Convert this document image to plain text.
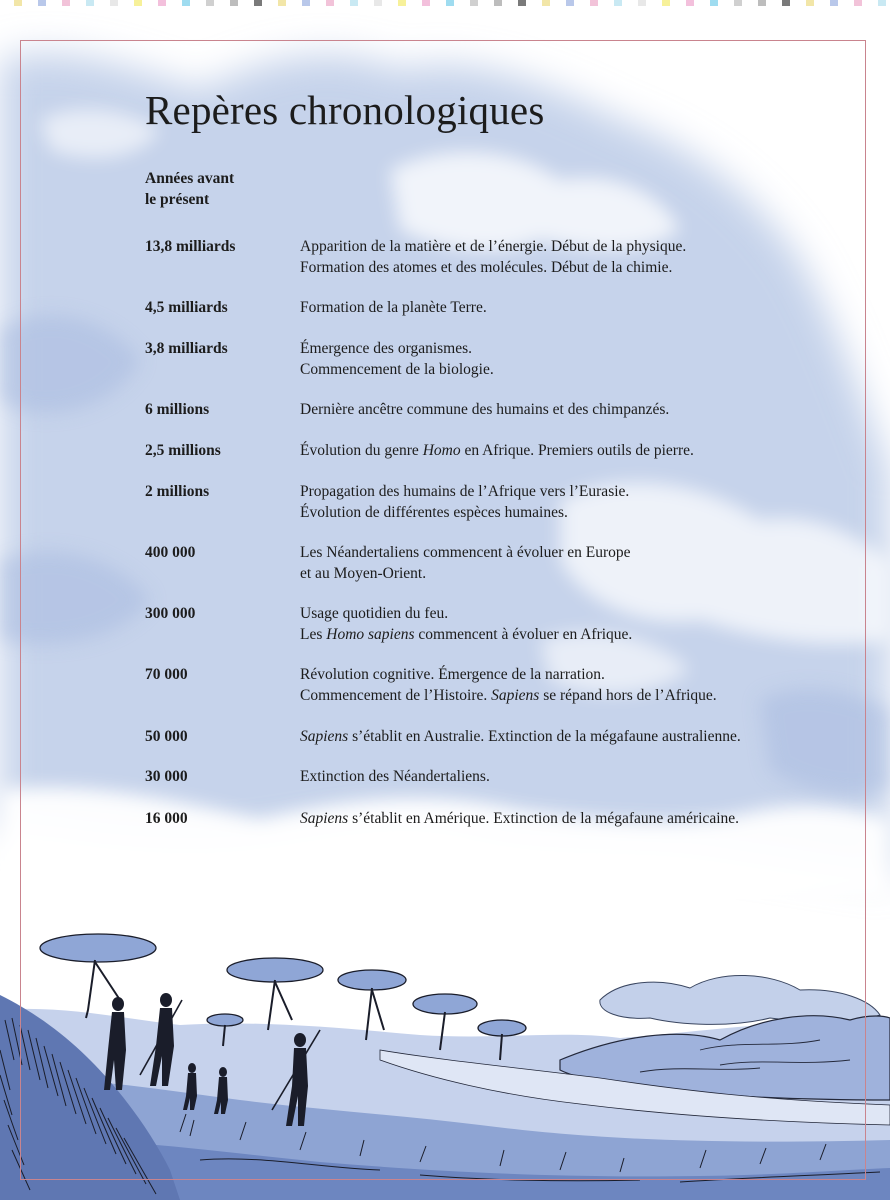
Repères chronologiques
Années avant
le présent
13,8 milliards	Apparition de la matière et de l’énergie. Début de la physique.
Formation des atomes et des molécules. Début de la chimie.
4,5 milliards	Formation de la planète Terre.
3,8 milliards	Émergence des organismes.
Commencement de la biologie.
6 millions	Dernière ancêtre commune des humains et des chimpanzés.
2,5 millions	Évolution du genre Homo en Afrique. Premiers outils de pierre.
2 millions	Propagation des humains de l’Afrique vers l’Eurasie.
Évolution de différentes espèces humaines.
400 000	Les Néandertaliens commencent à évoluer en Europe
et au Moyen-Orient.
300 000	Usage quotidien du feu.
Les Homo sapiens commencent à évoluer en Afrique.
70 000	Révolution cognitive. Émergence de la narration.
Commencement de l’Histoire. Sapiens se répand hors de l’Afrique.
50 000	Sapiens s’établit en Australie. Extinction de la mégafaune australienne.
30 000	Extinction des Néandertaliens.
16 000	Sapiens s’établit en Amérique. Extinction de la mégafaune américaine.
